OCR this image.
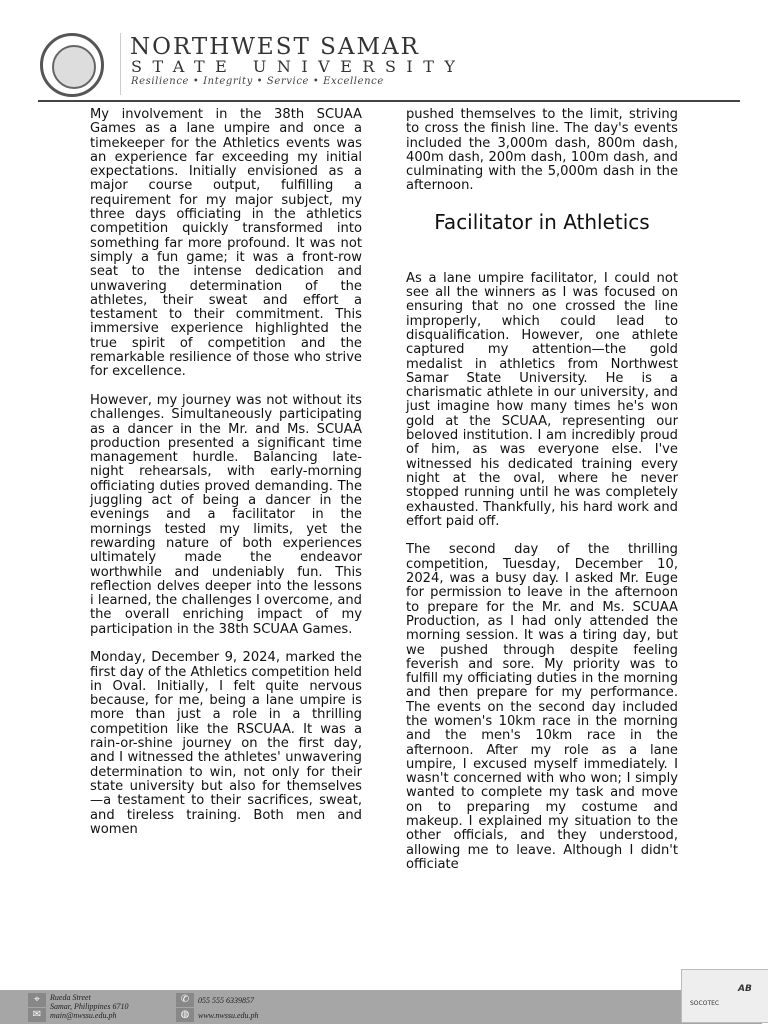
NORTHWEST SAMAR
STATE UNIVERSITY
Resilience • Integrity • Service • Excellence

My involvement in the 38th SCUAA Games as a lane umpire and once a timekeeper for the Athletics events was an experience far exceeding my initial expectations. Initially envisioned as a major course output, fulfilling a requirement for my major subject, my three days officiating in the athletics competition quickly transformed into something far more profound. It was not simply a fun game; it was a front-row seat to the intense dedication and unwavering determination of the athletes, their sweat and effort a testament to their commitment. This immersive experience highlighted the true spirit of competition and the remarkable resilience of those who strive for excellence.

However, my journey was not without its challenges. Simultaneously participating as a dancer in the Mr. and Ms. SCUAA production presented a significant time management hurdle. Balancing late-night rehearsals, with early-morning officiating duties proved demanding. The juggling act of being a dancer in the evenings and a facilitator in the mornings tested my limits, yet the rewarding nature of both experiences ultimately made the endeavor worthwhile and undeniably fun. This reflection delves deeper into the lessons i learned, the challenges I overcome, and the overall enriching impact of my participation in the 38th SCUAA Games.

Monday, December 9, 2024, marked the first day of the Athletics competition held in Oval. Initially, I felt quite nervous because, for me, being a lane umpire is more than just a role in a thrilling competition like the RSCUAA. It was a rain-or-shine journey on the first day, and I witnessed the athletes' unwavering determination to win, not only for their state university but also for themselves—a testament to their sacrifices, sweat, and tireless training. Both men and women

pushed themselves to the limit, striving to cross the finish line. The day's events included the 3,000m dash, 800m dash, 400m dash, 200m dash, 100m dash, and culminating with the 5,000m dash in the afternoon.

Facilitator in Athletics

As a lane umpire facilitator, I could not see all the winners as I was focused on ensuring that no one crossed the line improperly, which could lead to disqualification. However, one athlete captured my attention—the gold medalist in athletics from Northwest Samar State University. He is a charismatic athlete in our university, and just imagine how many times he's won gold at the SCUAA, representing our beloved institution. I am incredibly proud of him, as was everyone else. I've witnessed his dedicated training every night at the oval, where he never stopped running until he was completely exhausted. Thankfully, his hard work and effort paid off.

The second day of the thrilling competition, Tuesday, December 10, 2024, was a busy day. I asked Mr. Euge for permission to leave in the afternoon to prepare for the Mr. and Ms. SCUAA Production, as I had only attended the morning session. It was a tiring day, but we pushed through despite feeling feverish and sore. My priority was to fulfill my officiating duties in the morning and then prepare for my performance. The events on the second day included the women's 10km race in the morning and the men's 10km race in the afternoon. After my role as a lane umpire, I excused myself immediately. I wasn't concerned with who won; I simply wanted to complete my task and move on to preparing my costume and makeup. I explained my situation to the other officials, and they understood, allowing me to leave. Although I didn't officiate

⌖	Rueda Street
Samar, Philippines 6710
✉	main@nwssu.edu.ph
✆	055 555 6339857
◍	www.nwssu.edu.ph
SOCOTEC
AB
